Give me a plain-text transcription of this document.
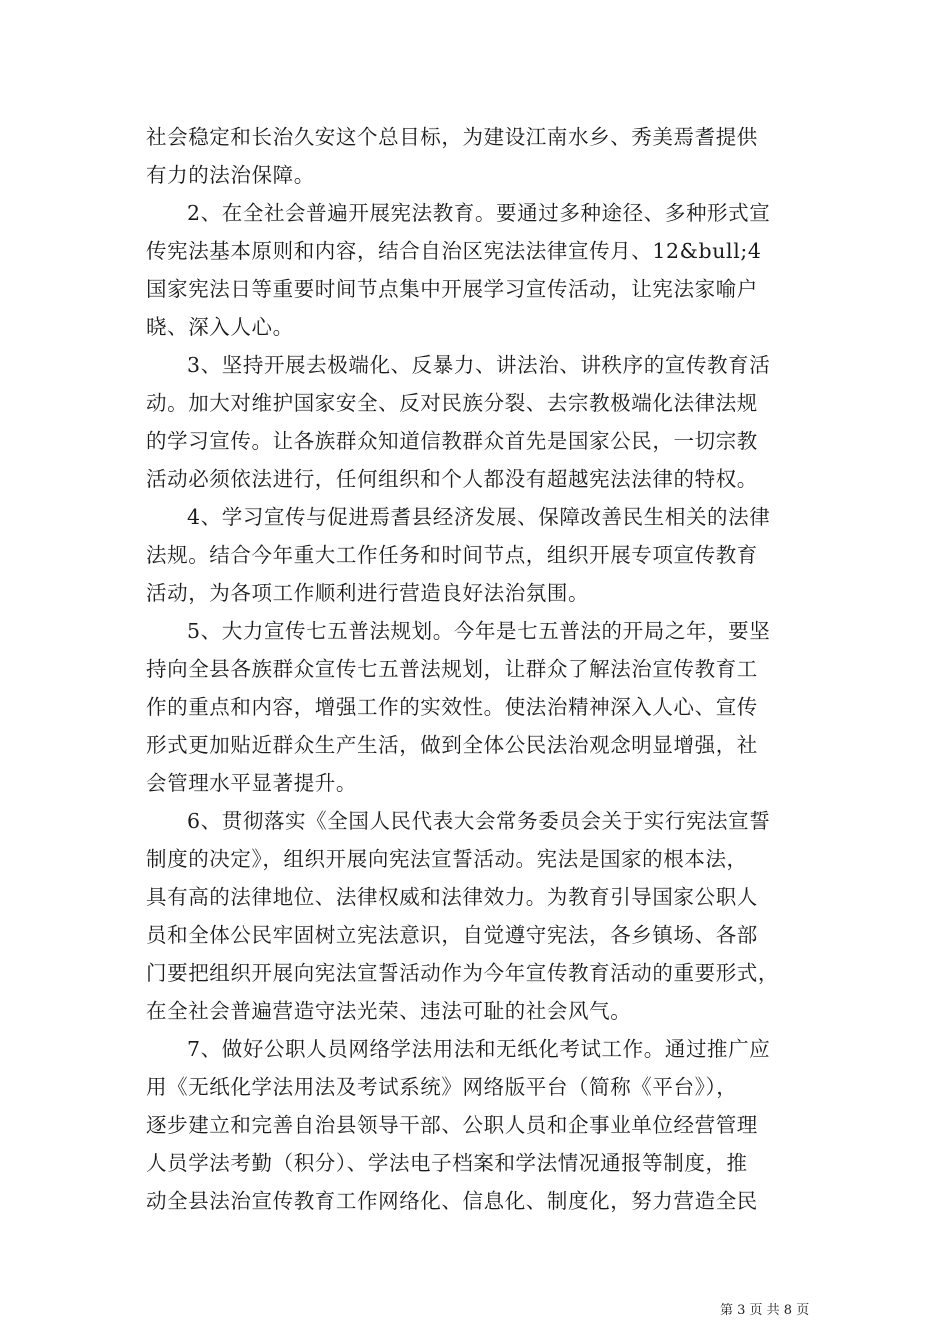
社会稳定和长治久安这个总目标，为建设江南水乡、秀美焉耆提供
有力的法治保障。
2、在全社会普遍开展宪法教育。要通过多种途径、多种形式宣
传宪法基本原则和内容，结合自治区宪法法律宣传月、12&bull;4
国家宪法日等重要时间节点集中开展学习宣传活动，让宪法家喻户
晓、深入人心。
3、坚持开展去极端化、反暴力、讲法治、讲秩序的宣传教育活
动。加大对维护国家安全、反对民族分裂、去宗教极端化法律法规
的学习宣传。让各族群众知道信教群众首先是国家公民，一切宗教
活动必须依法进行，任何组织和个人都没有超越宪法法律的特权。
4、学习宣传与促进焉耆县经济发展、保障改善民生相关的法律
法规。结合今年重大工作任务和时间节点，组织开展专项宣传教育
活动，为各项工作顺利进行营造良好法治氛围。
5、大力宣传七五普法规划。今年是七五普法的开局之年，要坚
持向全县各族群众宣传七五普法规划，让群众了解法治宣传教育工
作的重点和内容，增强工作的实效性。使法治精神深入人心、宣传
形式更加贴近群众生产生活，做到全体公民法治观念明显增强，社
会管理水平显著提升。
6、贯彻落实《全国人民代表大会常务委员会关于实行宪法宣誓
制度的决定》，组织开展向宪法宣誓活动。宪法是国家的根本法，
具有高的法律地位、法律权威和法律效力。为教育引导国家公职人
员和全体公民牢固树立宪法意识，自觉遵守宪法，各乡镇场、各部
门要把组织开展向宪法宣誓活动作为今年宣传教育活动的重要形式，
在全社会普遍营造守法光荣、违法可耻的社会风气。
7、做好公职人员网络学法用法和无纸化考试工作。通过推广应
用《无纸化学法用法及考试系统》网络版平台（简称《平台》），
逐步建立和完善自治县领导干部、公职人员和企事业单位经营管理
人员学法考勤（积分）、学法电子档案和学法情况通报等制度，推
动全县法治宣传教育工作网络化、信息化、制度化，努力营造全民
第 3 页 共 8 页
